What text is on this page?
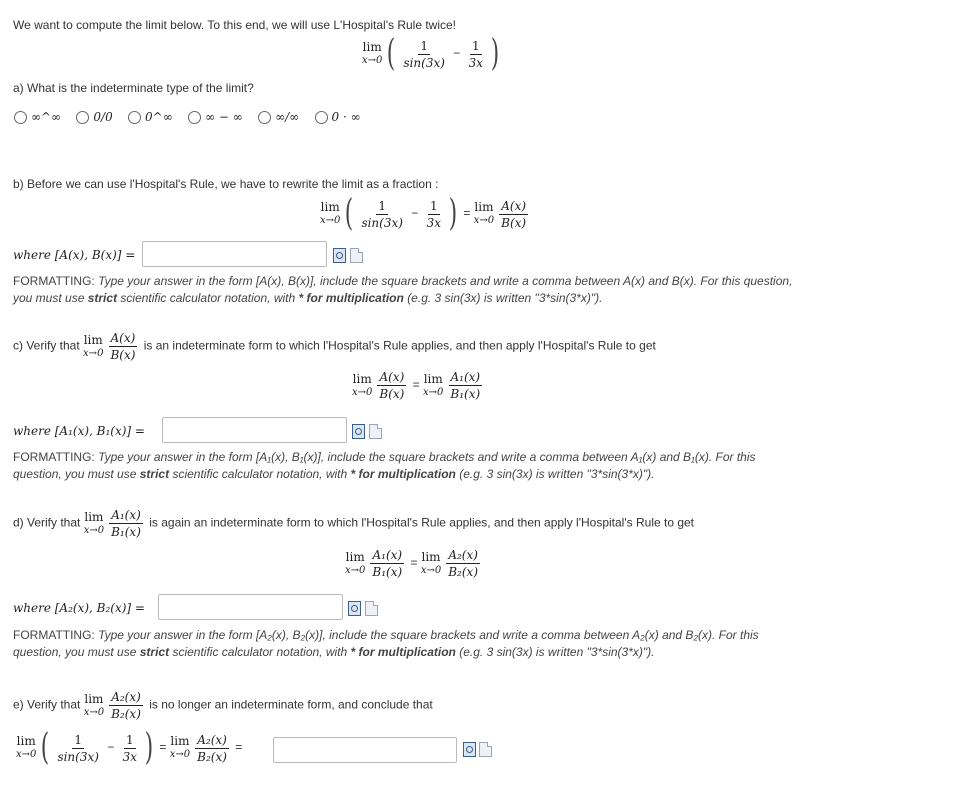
We want to compute the limit below. To this end, we will use L'Hospital's Rule twice!
lim
x→0 ( $\frac{1}{\sin(3x)} - \frac{1}{3x}$ )
a) What is the indeterminate type of the limit?
∞^∞
	0/0
	0^∞
	∞ − ∞
	∞/∞
	0 · ∞
b) Before we can use l'Hospital's Rule, we have to rewrite the limit as a fraction :
lim
x→0 ( $\frac{1}{\sin(3x)} - \frac{1}{3x}$ ) = lim
$x\to 0 \frac{A(x)}{B(x)}$
where [A(x), B(x)] =
FORMATTING: Type your answer in the form [A(x), B(x)], include the square brackets and write a comma between A(x) and B(x). For this question,
you must use strict scientific calculator notation, with * for multiplication (e.g. 3 sin(3x) is written "3*sin(3*x)").
c) Verify that lim
$x\to 0 \frac{A(x)}{B(x)}$ is an indeterminate form to which l'Hospital's Rule applies, and then apply l'Hospital's Rule to get
lim
$x\to 0 \frac{A(x)}{B(x)} = \lim$
$x\to 0 \frac{\text{A₁(x)}}{\text{B₁(x)}}$
where [A₁(x), B₁(x)] =
FORMATTING: Type your answer in the form [A₁(x), B₁(x)], include the square brackets and write a comma between A₁(x) and B₁(x). For this
question, you must use strict scientific calculator notation, with * for multiplication (e.g. 3 sin(3x) is written "3*sin(3*x)").
d) Verify that lim
$x\to 0 \frac{\text{A₁(x)}}{\text{B₁(x)}}$ is again an indeterminate form to which l'Hospital's Rule applies, and then apply l'Hospital's Rule to get
lim
$x\to 0 \frac{\text{A₁(x)}}{\text{B₁(x)}} = \lim$
$x\to 0 \frac{\text{A₂(x)}}{\text{B₂(x)}}$
where [A₂(x), B₂(x)] =
FORMATTING: Type your answer in the form [A₂(x), B₂(x)], include the square brackets and write a comma between A₂(x) and B₂(x). For this
question, you must use strict scientific calculator notation, with * for multiplication (e.g. 3 sin(3x) is written "3*sin(3*x)").
e) Verify that lim
$x\to 0 \frac{\text{A₂(x)}}{\text{B₂(x)}}$ is no longer an indeterminate form, and conclude that
lim
x→0 ( $\frac{1}{\sin(3x)} - \frac{1}{3x}$ ) = lim
$x\to 0 \frac{\text{A₂(x)}}{\text{B₂(x)}}$ =
